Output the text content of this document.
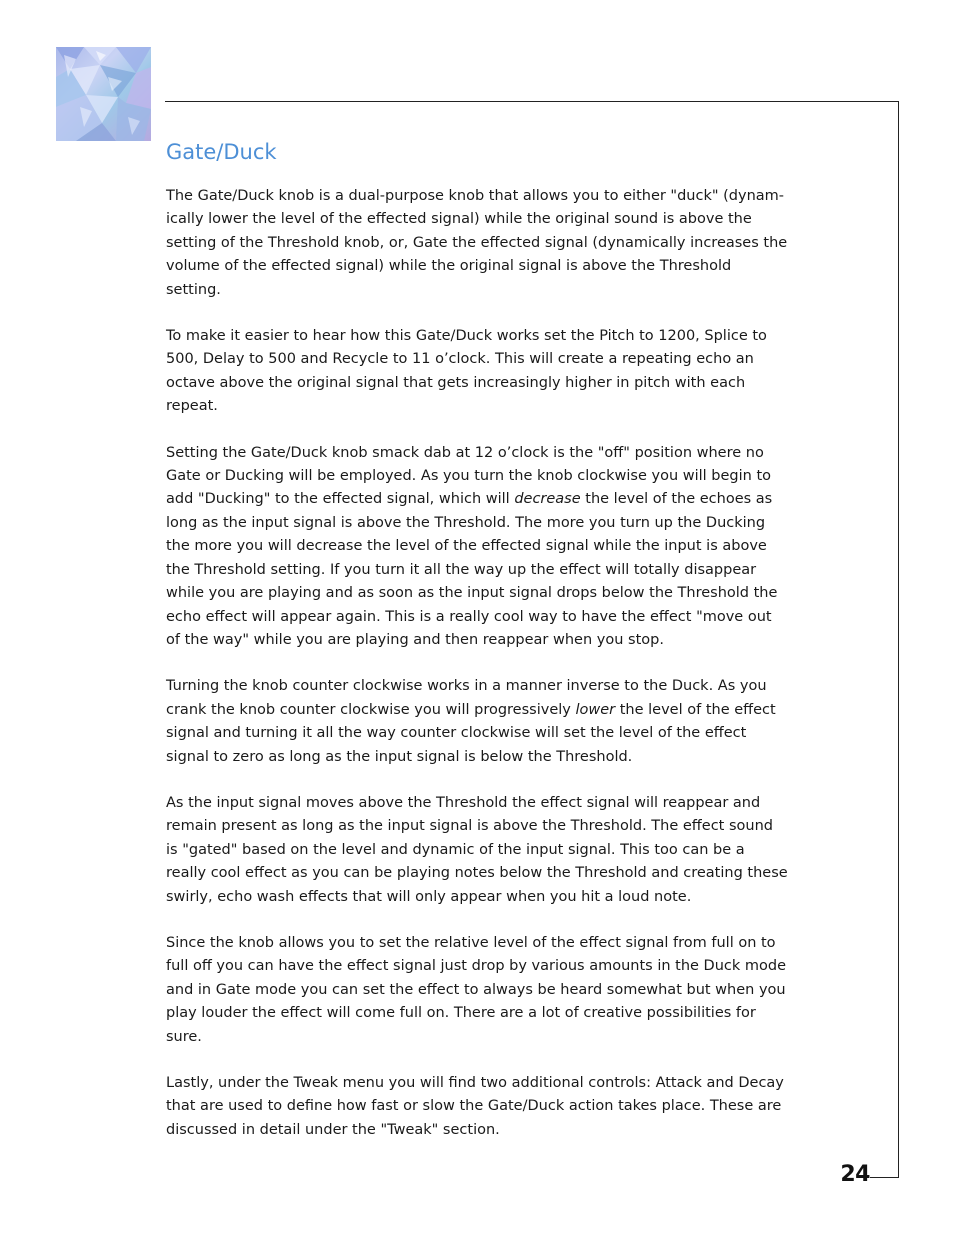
Gate/Duck

The Gate/Duck knob is a dual-purpose knob that allows you to either "duck" (dynam-ically lower the level of the effected signal) while the original sound is above the setting of the Threshold knob, or, Gate the effected signal (dynamically increases the volume of the effected signal) while the original signal is above the Threshold setting.

To make it easier to hear how this Gate/Duck works set the Pitch to 1200, Splice to 500, Delay to 500 and Recycle to 11 o’clock. This will create a repeating echo an octave above the original signal that gets increasingly higher in pitch with each repeat.

Setting the Gate/Duck knob smack dab at 12 o’clock is the "off" position where no Gate or Ducking will be employed. As you turn the knob clockwise you will begin to add "Ducking" to the effected signal, which will decrease the level of the echoes as long as the input signal is above the Threshold. The more you turn up the Ducking the more you will decrease the level of the effected signal while the input is above the Threshold setting. If you turn it all the way up the effect will totally disappear while you are playing and as soon as the input signal drops below the Threshold the echo effect will appear again. This is a really cool way to have the effect "move out of the way" while you are playing and then reappear when you stop.

Turning the knob counter clockwise works in a manner inverse to the Duck. As you crank the knob counter clockwise you will progressively lower the level of the effect signal and turning it all the way counter clockwise will set the level of the effect signal to zero as long as the input signal is below the Threshold.

As the input signal moves above the Threshold the effect signal will reappear and remain present as long as the input signal is above the Threshold. The effect sound is "gated" based on the level and dynamic of the input signal. This too can be a really cool effect as you can be playing notes below the Threshold and creating these swirly, echo wash effects that will only appear when you hit a loud note.

Since the knob allows you to set the relative level of the effect signal from full on to full off you can have the effect signal just drop by various amounts in the Duck mode and in Gate mode you can set the effect to always be heard somewhat but when you play louder the effect will come full on. There are a lot of creative possibilities for sure.

Lastly, under the Tweak menu you will find two additional controls: Attack and Decay that are used to define how fast or slow the Gate/Duck action takes place. These are discussed in detail under the "Tweak" section.

24
